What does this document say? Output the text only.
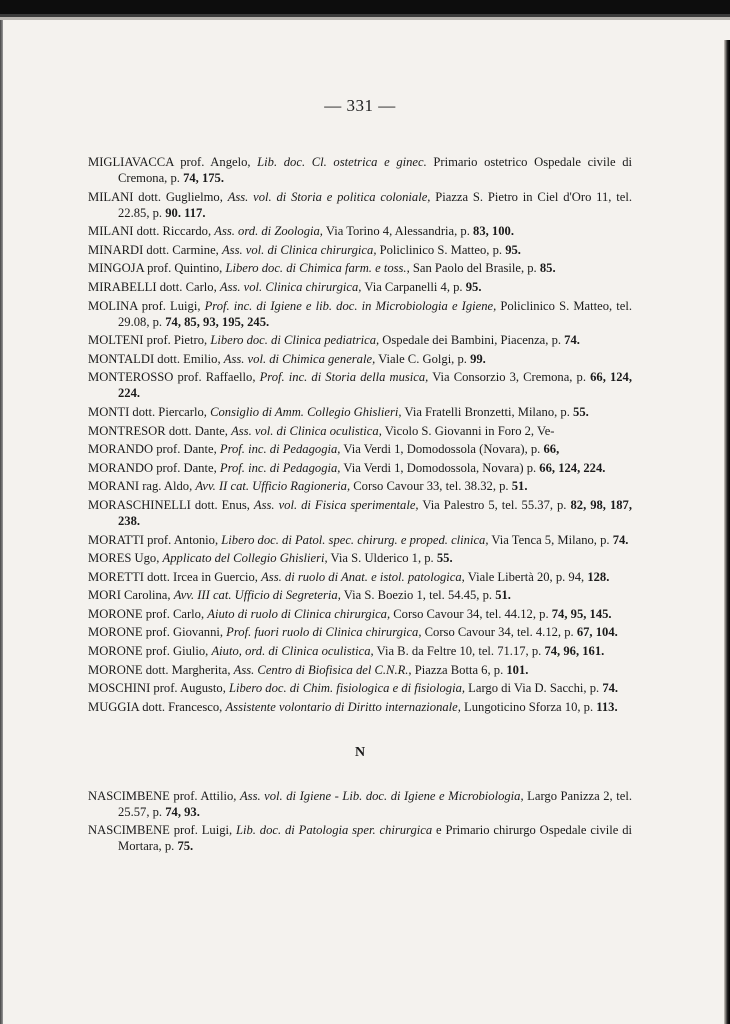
— 331 —

MIGLIAVACCA prof. Angelo, Lib. doc. Cl. ostetrica e ginec. Primario ostetrico Ospedale civile di Cremona, p. 74, 175.

MILANI dott. Guglielmo, Ass. vol. di Storia e politica coloniale, Piazza S. Pietro in Ciel d'Oro 11, tel. 22.85, p. 90. 117.

MILANI dott. Riccardo, Ass. ord. di Zoologia, Via Torino 4, Alessandria, p. 83, 100.

MINARDI dott. Carmine, Ass. vol. di Clinica chirurgica, Policlinico S. Matteo, p. 95.

MINGOJA prof. Quintino, Libero doc. di Chimica farm. e toss., San Paolo del Brasile, p. 85.

MIRABELLI dott. Carlo, Ass. vol. Clinica chirurgica, Via Carpanelli 4, p. 95.

MOLINA prof. Luigi, Prof. inc. di Igiene e lib. doc. in Microbiologia e Igiene, Policlinico S. Matteo, tel. 29.08, p. 74, 85, 93, 195, 245.

MOLTENI prof. Pietro, Libero doc. di Clinica pediatrica, Ospedale dei Bambini, Piacenza, p. 74.

MONTALDI dott. Emilio, Ass. vol. di Chimica generale, Viale C. Golgi, p. 99.

MONTEROSSO prof. Raffaello, Prof. inc. di Storia della musica, Via Consorzio 3, Cremona, p. 66, 124, 224.

MONTI dott. Piercarlo, Consiglio di Amm. Collegio Ghislieri, Via Fratelli Bronzetti, Milano, p. 55.

MONTRESOR dott. Dante, Ass. vol. di Clinica oculistica, Vicolo S. Giovanni in Foro 2, Ve-

MORANDO prof. Dante, Prof. inc. di Pedagogia, Via Verdi 1, Domodossola (Novara), p. 66,

MORANDO prof. Dante, Prof. inc. di Pedagogia, Via Verdi 1, Domodossola, Novara) p. 66, 124, 224.

MORANI rag. Aldo, Avv. II cat. Ufficio Ragioneria, Corso Cavour 33, tel. 38.32, p. 51.

MORASCHINELLI dott. Enus, Ass. vol. di Fisica sperimentale, Via Palestro 5, tel. 55.37, p. 82, 98, 187, 238.

MORATTI prof. Antonio, Libero doc. di Patol. spec. chirurg. e proped. clinica, Via Tenca 5, Milano, p. 74.

MORES Ugo, Applicato del Collegio Ghislieri, Via S. Ulderico 1, p. 55.

MORETTI dott. Ircea in Guercio, Ass. di ruolo di Anat. e istol. patologica, Viale Libertà 20, p. 94, 128.

MORI Carolina, Avv. III cat. Ufficio di Segreteria, Via S. Boezio 1, tel. 54.45, p. 51.

MORONE prof. Carlo, Aiuto di ruolo di Clinica chirurgica, Corso Cavour 34, tel. 44.12, p. 74, 95, 145.

MORONE prof. Giovanni, Prof. fuori ruolo di Clinica chirurgica, Corso Cavour 34, tel. 4.12, p. 67, 104.

MORONE prof. Giulio, Aiuto, ord. di Clinica oculistica, Via B. da Feltre 10, tel. 71.17, p. 74, 96, 161.

MORONE dott. Margherita, Ass. Centro di Biofisica del C.N.R., Piazza Botta 6, p. 101.

MOSCHINI prof. Augusto, Libero doc. di Chim. fisiologica e di fisiologia, Largo di Via D. Sacchi, p. 74.

MUGGIA dott. Francesco, Assistente volontario di Diritto internazionale, Lungoticino Sforza 10, p. 113.

N

NASCIMBENE prof. Attilio, Ass. vol. di Igiene - Lib. doc. di Igiene e Microbiologia, Largo Panizza 2, tel. 25.57, p. 74, 93.

NASCIMBENE prof. Luigi, Lib. doc. di Patologia sper. chirurgica e Primario chirurgo Ospedale civile di Mortara, p. 75.
